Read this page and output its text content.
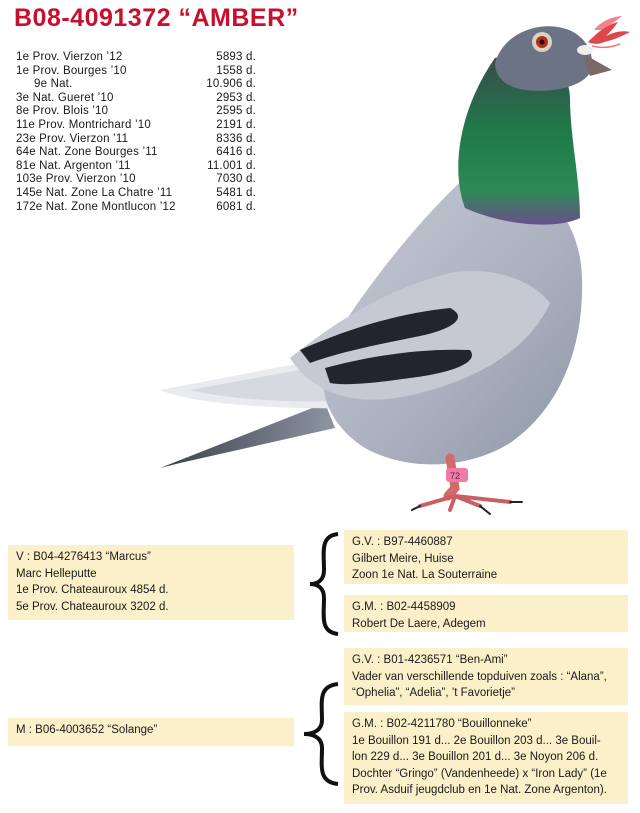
B08-4091372 “AMBER”
1e Prov. Vierzon ’12	5893 d.
1e Prov. Bourges ’10	1558 d.
9e Nat.	10.906 d.
3e Nat. Gueret ’10	2953 d.
8e Prov. Blois ’10	2595 d.
11e Prov. Montrichard ’10	2191 d.
23e Prov. Vierzon ’11	8336 d.
64e Nat. Zone Bourges ’11	6416 d.
81e Nat. Argenton ’11	11.001 d.
103e Prov. Vierzon ’10	7030 d.
145e Nat. Zone La Chatre ’11	5481 d.
172e Nat. Zone Montlucon ’12	6081 d.
72
V : B04-4276413 “Marcus”
Marc Helleputte
1e Prov. Chateauroux 4854 d.
5e Prov. Chateauroux 3202 d.
G.V. : B97-4460887
Gilbert Meire, Huise
Zoon 1e Nat. La Souterraine
G.M. : B02-4458909
Robert De Laere, Adegem
M : B06-4003652 “Solange”
G.V. : B01-4236571 “Ben-Ami”
Vader van verschillende topduiven zoals : “Alana”,
“Ophelia”, “Adelia”, ’t Favorietje”
G.M. : B02-4211780 “Bouillonneke”
1e Bouillon 191 d... 2e Bouillon 203 d... 3e Bouil-
lon 229 d... 3e Bouillon 201 d... 3e Noyon 206 d.
Dochter “Gringo” (Vandenheede) x “Iron Lady” (1e
Prov. Asduif jeugdclub en 1e Nat. Zone Argenton).
